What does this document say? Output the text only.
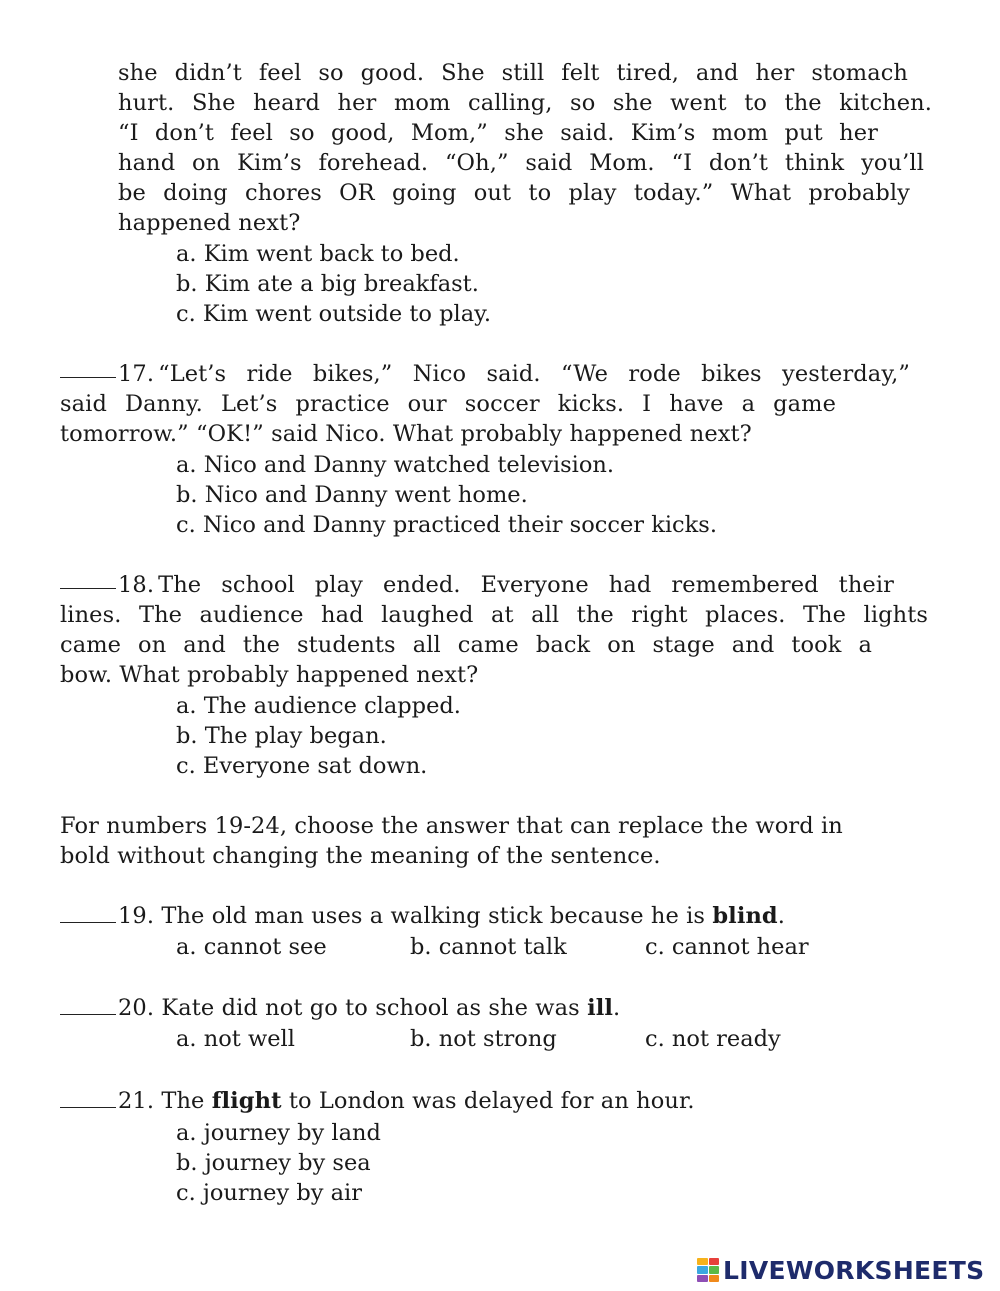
she didn’t feel so good. She still felt tired, and her stomach
hurt. She heard her mom calling, so she went to the kitchen.
“I don’t feel so good, Mom,” she said. Kim’s mom put her
hand on Kim’s forehead. “Oh,” said Mom. “I don’t think you’ll
be doing chores OR going out to play today.” What probably
happened next?
a. Kim went back to bed.
b. Kim ate a big breakfast.
c. Kim went outside to play.
17. “Let’s ride bikes,” Nico said. “We rode bikes yesterday,”
said Danny. Let’s practice our soccer kicks. I have a game
tomorrow.” “OK!” said Nico. What probably happened next?
a. Nico and Danny watched television.
b. Nico and Danny went home.
c. Nico and Danny practiced their soccer kicks.
18. The school play ended. Everyone had remembered their
lines. The audience had laughed at all the right places. The lights
came on and the students all came back on stage and took a
bow. What probably happened next?
a. The audience clapped.
b. The play began.
c. Everyone sat down.
For numbers 19-24, choose the answer that can replace the word in
bold without changing the meaning of the sentence.
19. The old man uses a walking stick because he is blind.
a. cannot see	b. cannot talk	c. cannot hear
20. Kate did not go to school as she was ill.
a. not well	b. not strong	c. not ready
21. The flight to London was delayed for an hour.
a. journey by land
b. journey by sea
c. journey by air
LIVEWORKSHEETS
